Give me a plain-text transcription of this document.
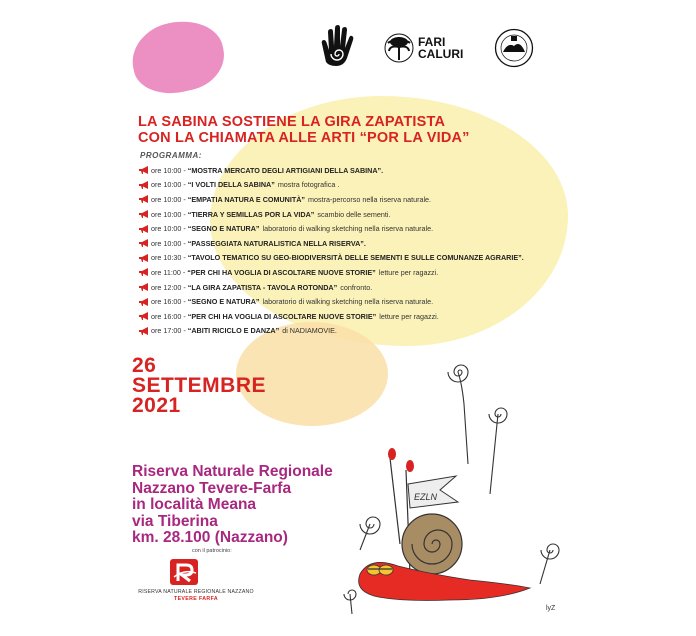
FARI
CALURI
LA SABINA SOSTIENE LA GIRA ZAPATISTA
CON LA CHIAMATA ALLE ARTI “POR LA VIDA”
PROGRAMMA:
ore 10:00 - “MOSTRA MERCATO DEGLI ARTIGIANI DELLA SABINA”.
ore 10:00 - “I VOLTI DELLA SABINA” mostra fotografica .
ore 10:00 - “EMPATIA NATURA E COMUNITÀ” mostra-percorso nella riserva naturale.
ore 10:00 - “TIERRA Y SEMILLAS POR LA VIDA” scambio delle sementi.
ore 10:00 - “SEGNO E NATURA” laboratorio di walking sketching nella riserva naturale.
ore 10:00 - “PASSEGGIATA NATURALISTICA NELLA RISERVA”.
ore 10:30 - “TAVOLO TEMATICO SU GEO-BIODIVERSITÀ DELLE SEMENTI E SULLE COMUNANZE AGRARIE”.
ore 11:00 - “PER CHI HA VOGLIA DI ASCOLTARE NUOVE STORIE” letture per ragazzi.
ore 12:00 - “LA GIRA ZAPATISTA - TAVOLA ROTONDA” confronto.
ore 16:00 - “SEGNO E NATURA” laboratorio di walking sketching nella riserva naturale.
ore 16:00 - “PER CHI HA VOGLIA DI ASCOLTARE NUOVE STORIE” letture per ragazzi.
ore 17:00 - “ABITI RICICLO E DANZA” di NADIAMOVIE.
26
SETTEMBRE
2021
Riserva Naturale Regionale
Nazzano Tevere-Farfa
in località Meana
via Tiberina
km. 28.100 (Nazzano)
con il patrocinio:
RISERVA NATURALE REGIONALE NAZZANO
TEVERE FARFA
EZLN
lyZ
